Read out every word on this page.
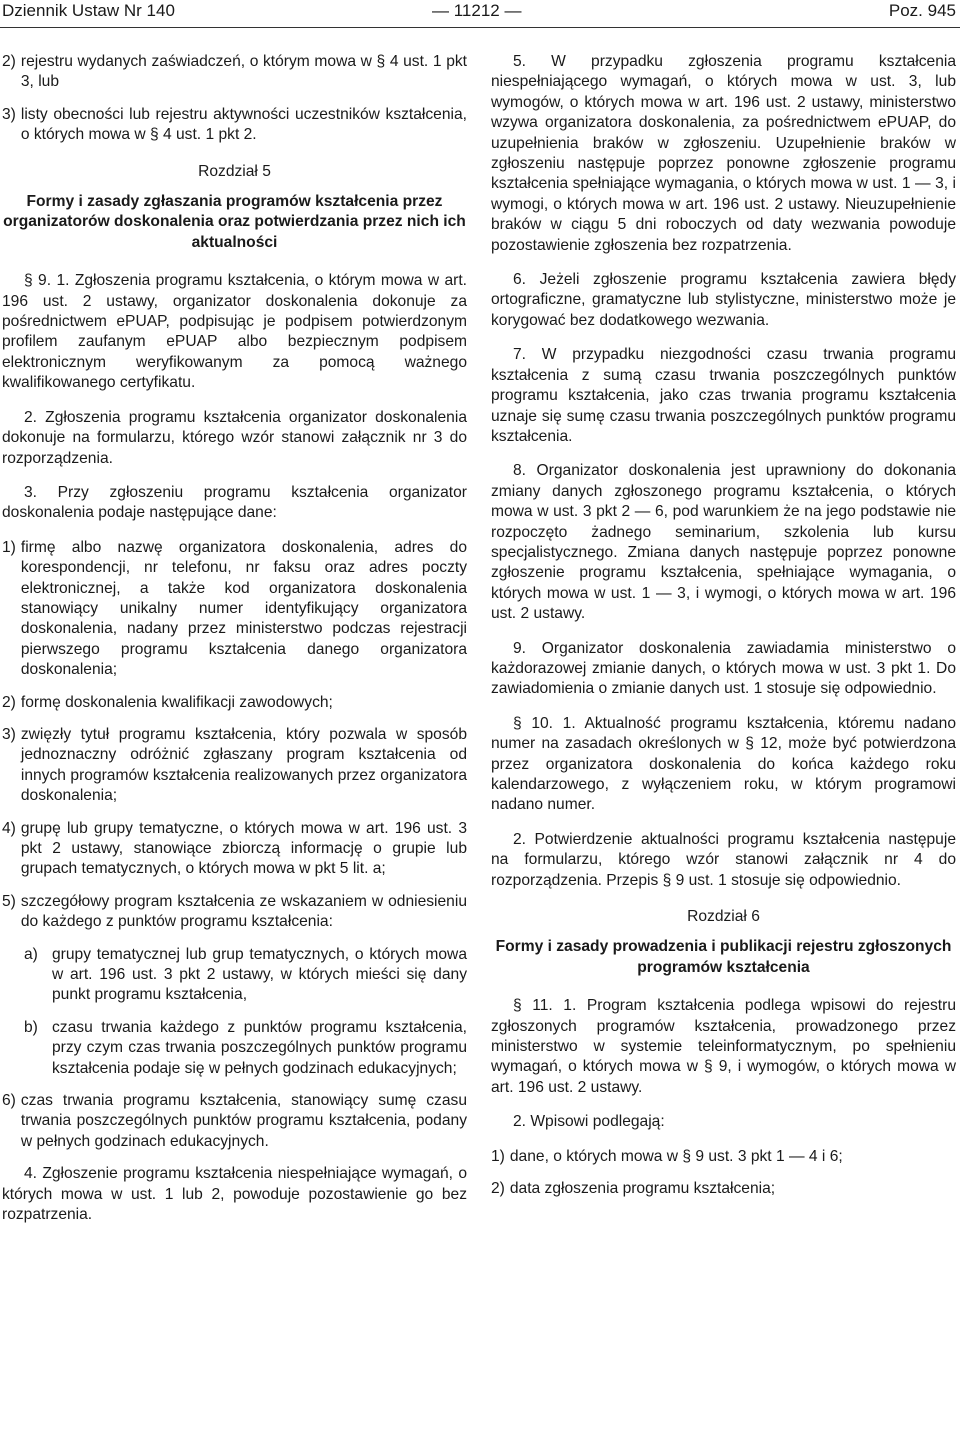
Dziennik Ustaw Nr 140	— 11212 —	Poz. 945
2) rejestru wydanych zaświadczeń, o którym mowa w § 4 ust. 1 pkt 3, lub
3) listy obecności lub rejestru aktywności uczestników kształcenia, o których mowa w § 4 ust. 1 pkt 2.

Rozdział 5

Formy i zasady zgłaszania programów kształcenia przez organizatorów doskonalenia oraz potwierdzania przez nich ich aktualności

§ 9. 1. Zgłoszenia programu kształcenia, o którym mowa w art. 196 ust. 2 ustawy, organizator doskonalenia dokonuje za pośrednictwem ePUAP, podpisując je podpisem potwierdzonym profilem zaufanym ePUAP albo bezpiecznym podpisem elektronicznym weryfikowanym za pomocą ważnego kwalifikowanego certyfikatu.

2. Zgłoszenia programu kształcenia organizator doskonalenia dokonuje na formularzu, którego wzór stanowi załącznik nr 3 do rozporządzenia.

3. Przy zgłoszeniu programu kształcenia organizator doskonalenia podaje następujące dane:

1) firmę albo nazwę organizatora doskonalenia, adres do korespondencji, nr telefonu, nr faksu oraz adres poczty elektronicznej, a także kod organizatora doskonalenia stanowiący unikalny numer identyfikujący organizatora doskonalenia, nadany przez ministerstwo podczas rejestracji pierwszego programu kształcenia danego organizatora doskonalenia;
2) formę doskonalenia kwalifikacji zawodowych;
3) zwięzły tytuł programu kształcenia, który pozwala w sposób jednoznaczny odróżnić zgłaszany program kształcenia od innych programów kształcenia realizowanych przez organizatora doskonalenia;
4) grupę lub grupy tematyczne, o których mowa w art. 196 ust. 3 pkt 2 ustawy, stanowiące zbiorczą informację o grupie lub grupach tematycznych, o których mowa w pkt 5 lit. a;
5) szczegółowy program kształcenia ze wskazaniem w odniesieniu do każdego z punktów programu kształcenia:
a) grupy tematycznej lub grup tematycznych, o których mowa w art. 196 ust. 3 pkt 2 ustawy, w których mieści się dany punkt programu kształcenia,
b) czasu trwania każdego z punktów programu kształcenia, przy czym czas trwania poszczególnych punktów programu kształcenia podaje się w pełnych godzinach edukacyjnych;
6) czas trwania programu kształcenia, stanowiący sumę czasu trwania poszczególnych punktów programu kształcenia, podany w pełnych godzinach edukacyjnych.

4. Zgłoszenie programu kształcenia niespełniające wymagań, o których mowa w ust. 1 lub 2, powoduje pozostawienie go bez rozpatrzenia.

5. W przypadku zgłoszenia programu kształcenia niespełniającego wymagań, o których mowa w ust. 3, lub wymogów, o których mowa w art. 196 ust. 2 ustawy, ministerstwo wzywa organizatora doskonalenia, za pośrednictwem ePUAP, do uzupełnienia braków w zgłoszeniu. Uzupełnienie braków w zgłoszeniu następuje poprzez ponowne zgłoszenie programu kształcenia spełniające wymagania, o których mowa w ust. 1 — 3, i wymogi, o których mowa w art. 196 ust. 2 ustawy. Nieuzupełnienie braków w ciągu 5 dni roboczych od daty wezwania powoduje pozostawienie zgłoszenia bez rozpatrzenia.

6. Jeżeli zgłoszenie programu kształcenia zawiera błędy ortograficzne, gramatyczne lub stylistyczne, ministerstwo może je korygować bez dodatkowego wezwania.

7. W przypadku niezgodności czasu trwania programu kształcenia z sumą czasu trwania poszczególnych punktów programu kształcenia, jako czas trwania programu kształcenia uznaje się sumę czasu trwania poszczególnych punktów programu kształcenia.

8. Organizator doskonalenia jest uprawniony do dokonania zmiany danych zgłoszonego programu kształcenia, o których mowa w ust. 3 pkt 2 — 6, pod warunkiem że na jego podstawie nie rozpoczęto żadnego seminarium, szkolenia lub kursu specjalistycznego. Zmiana danych następuje poprzez ponowne zgłoszenie programu kształcenia, spełniające wymagania, o których mowa w ust. 1 — 3, i wymogi, o których mowa w art. 196 ust. 2 ustawy.

9. Organizator doskonalenia zawiadamia ministerstwo o każdorazowej zmianie danych, o których mowa w ust. 3 pkt 1. Do zawiadomienia o zmianie danych ust. 1 stosuje się odpowiednio.

§ 10. 1. Aktualność programu kształcenia, któremu nadano numer na zasadach określonych w § 12, może być potwierdzona przez organizatora doskonalenia do końca każdego roku kalendarzowego, z wyłączeniem roku, w którym programowi nadano numer.

2. Potwierdzenie aktualności programu kształcenia następuje na formularzu, którego wzór stanowi załącznik nr 4 do rozporządzenia. Przepis § 9 ust. 1 stosuje się odpowiednio.

Rozdział 6

Formy i zasady prowadzenia i publikacji rejestru zgłoszonych programów kształcenia

§ 11. 1. Program kształcenia podlega wpisowi do rejestru zgłoszonych programów kształcenia, prowadzonego przez ministerstwo w systemie teleinformatycznym, po spełnieniu wymagań, o których mowa w § 9, i wymogów, o których mowa w art. 196 ust. 2 ustawy.

2. Wpisowi podlegają:

1) dane, o których mowa w § 9 ust. 3 pkt 1 — 4 i 6;
2) data zgłoszenia programu kształcenia;
